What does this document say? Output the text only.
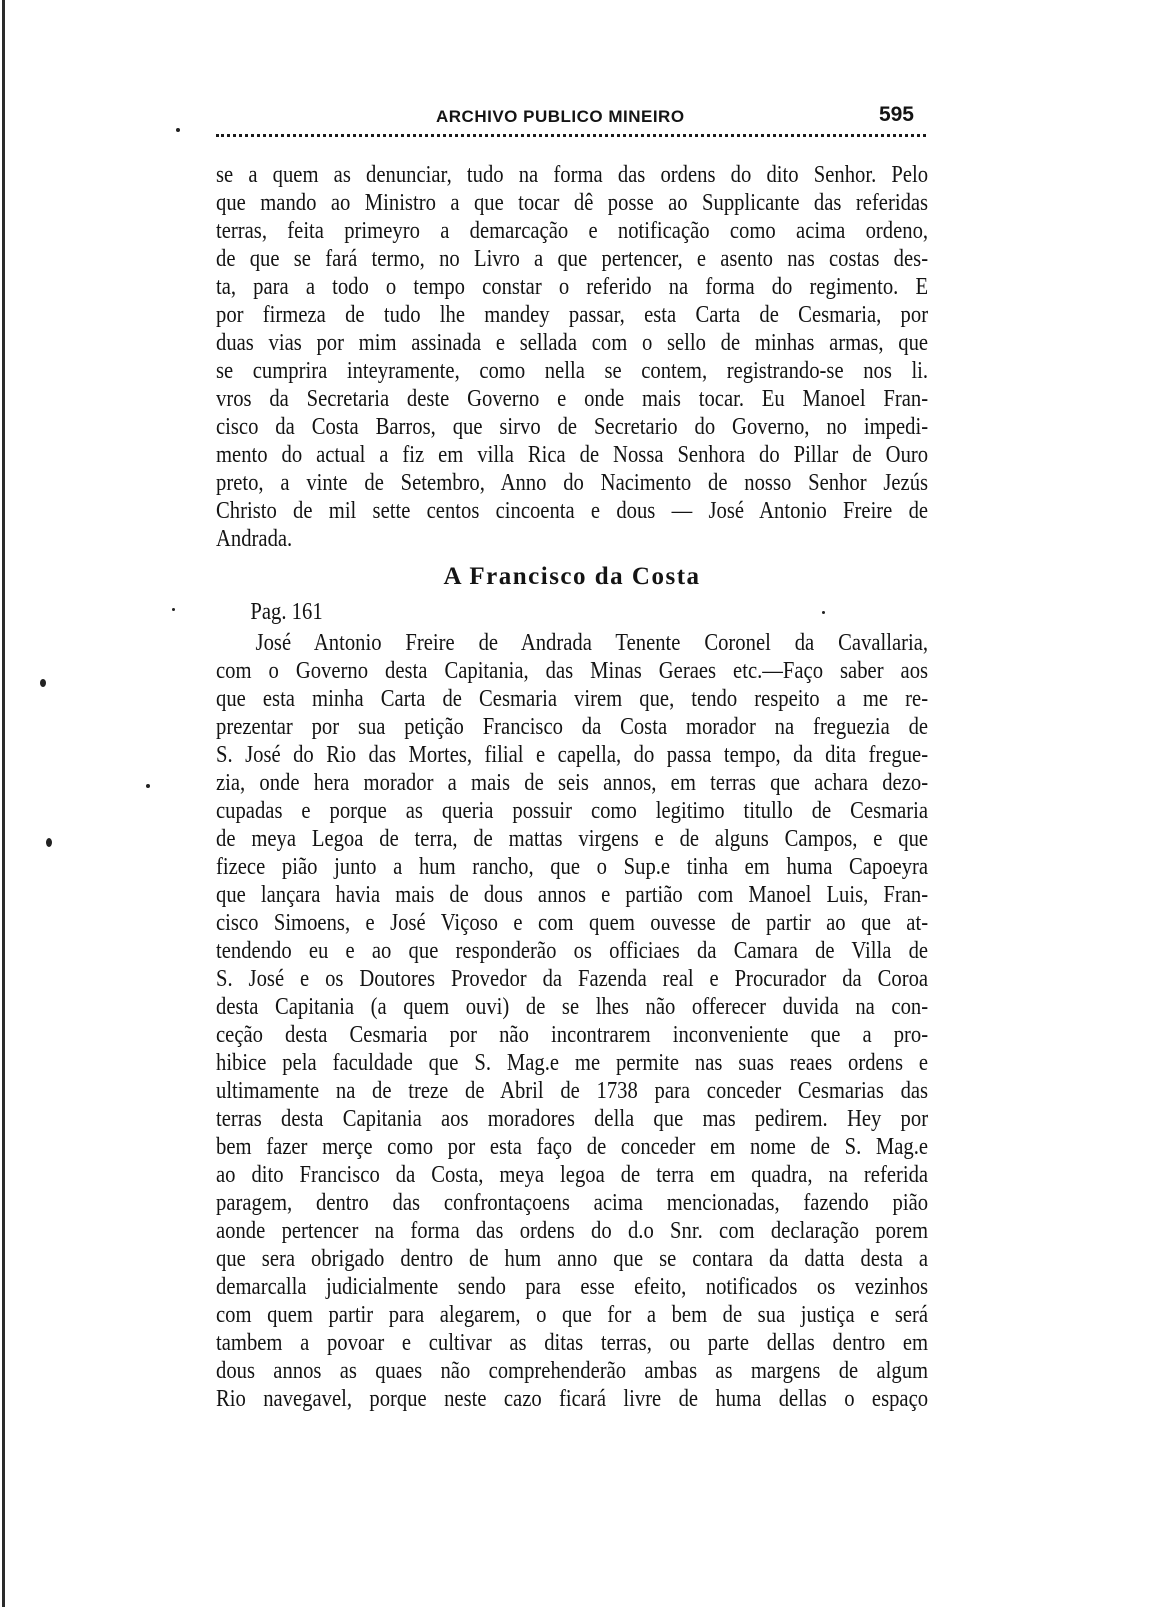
ARCHIVO PUBLICO MINEIRO	595
se a quem as denunciar, tudo na forma das ordens do dito Senhor. Pelo
que mando ao Ministro a que tocar dê posse ao Supplicante das referidas
terras, feita primeyro a demarcação e notificação como acima ordeno,
de que se fará termo, no Livro a que pertencer, e asento nas costas des-
ta, para a todo o tempo constar o referido na forma do regimento. E
por firmeza de tudo lhe mandey passar, esta Carta de Cesmaria, por
duas vias por mim assinada e sellada com o sello de minhas armas, que
se cumprira inteyramente, como nella se contem, registrando-se nos li.
vros da Secretaria deste Governo e onde mais tocar. Eu Manoel Fran-
cisco da Costa Barros, que sirvo de Secretario do Governo, no impedi-
mento do actual a fiz em villa Rica de Nossa Senhora do Pillar de Ouro
preto, a vinte de Setembro, Anno do Nacimento de nosso Senhor Jezús
Christo de mil sette centos cincoenta e dous — José Antonio Freire de
Andrada.
A Francisco da Costa
Pag. 161
José Antonio Freire de Andrada Tenente Coronel da Cavallaria,
com o Governo desta Capitania, das Minas Geraes etc.—Faço saber aos
que esta minha Carta de Cesmaria virem que, tendo respeito a me re-
prezentar por sua petição Francisco da Costa morador na freguezia de
S. José do Rio das Mortes, filial e capella, do passa tempo, da dita fregue-
zia, onde hera morador a mais de seis annos, em terras que achara dezo-
cupadas e porque as queria possuir como legitimo titullo de Cesmaria
de meya Legoa de terra, de mattas virgens e de alguns Campos, e que
fizece pião junto a hum rancho, que o Sup.e tinha em huma Capoeyra
que lançara havia mais de dous annos e partião com Manoel Luis, Fran-
cisco Simoens, e José Viçoso e com quem ouvesse de partir ao que at-
tendendo eu e ao que responderão os officiaes da Camara de Villa de
S. José e os Doutores Provedor da Fazenda real e Procurador da Coroa
desta Capitania (a quem ouvi) de se lhes não offerecer duvida na con-
ceção desta Cesmaria por não incontrarem inconveniente que a pro-
hibice pela faculdade que S. Mag.e me permite nas suas reaes ordens e
ultimamente na de treze de Abril de 1738 para conceder Cesmarias das
terras desta Capitania aos moradores della que mas pedirem. Hey por
bem fazer merçe como por esta faço de conceder em nome de S. Mag.e
ao dito Francisco da Costa, meya legoa de terra em quadra, na referida
paragem, dentro das confrontaçoens acima mencionadas, fazendo pião
aonde pertencer na forma das ordens do d.o Snr. com declaração porem
que sera obrigado dentro de hum anno que se contara da datta desta a
demarcalla judicialmente sendo para esse efeito, notificados os vezinhos
com quem partir para alegarem, o que for a bem de sua justiça e será
tambem a povoar e cultivar as ditas terras, ou parte dellas dentro em
dous annos as quaes não comprehenderão ambas as margens de algum
Rio navegavel, porque neste cazo ficará livre de huma dellas o espaço
